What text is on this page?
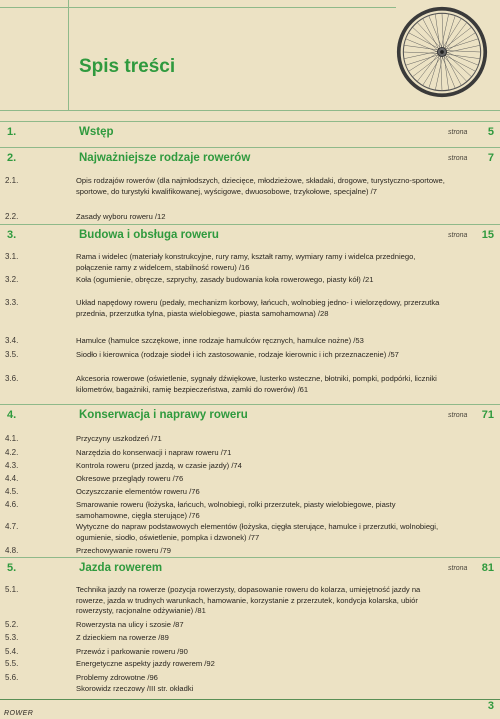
Spis treści
1.	Wstęp	strona 5
2.	Najważniejsze rodzaje rowerów	strona 7
2.1.	Opis rodzajów rowerów (dla najmłodszych, dziecięce, młodzieżowe, składaki, drogowe, turystyczno-sportowe, sportowe, do turystyki kwalifikowanej, wyścigowe, dwuosobowe, trzykołowe, specjalne) /7
2.2.	Zasady wyboru roweru /12
3.	Budowa i obsługa roweru	strona 15
3.1.	Rama i widelec (materiały konstrukcyjne, rury ramy, kształt ramy, wymiary ramy i widelca przedniego, połączenie ramy z widelcem, stabilność roweru) /16
3.2.	Koła (ogumienie, obręcze, szprychy, zasady budowania koła rowerowego, piasty kół) /21
3.3.	Układ napędowy roweru (pedały, mechanizm korbowy, łańcuch, wolnobieg jedno- i wielorzędowy, przerzutka przednia, przerzutka tylna, piasta wielobiegowe, piasta samohamowna) /28
3.4.	Hamulce (hamulce szczękowe, inne rodzaje hamulców ręcznych, hamulce nożne) /53
3.5.	Siodło i kierownica (rodzaje siodeł i ich zastosowanie, rodzaje kierownic i ich przeznaczenie) /57
3.6.	Akcesoria rowerowe (oświetlenie, sygnały dźwiękowe, lusterko wsteczne, błotniki, pompki, podpórki, liczniki kilometrów, bagażniki, ramię bezpieczeństwa, zamki do rowerów) /61
4.	Konserwacja i naprawy roweru	strona 71
4.1.	Przyczyny uszkodzeń /71
4.2.	Narzędzia do konserwacji i napraw roweru /71
4.3.	Kontrola roweru (przed jazdą, w czasie jazdy) /74
4.4.	Okresowe przeglądy roweru /76
4.5.	Oczyszczanie elementów roweru /76
4.6.	Smarowanie roweru (łożyska, łańcuch, wolnobiegi, rolki przerzutek, piasty wielobiegowe, piasty samohamowne, cięgła sterujące) /76
4.7.	Wytyczne do napraw podstawowych elementów (łożyska, cięgła sterujące, hamulce i przerzutki, wolnobiegi, ogumienie, siodło, oświetlenie, pompka i dzwonek) /77
4.8.	Przechowywanie roweru /79
5.	Jazda rowerem	strona 81
5.1.	Technika jazdy na rowerze (pozycja rowerzysty, dopasowanie roweru do kolarza, umiejętność jazdy na rowerze, jazda w trudnych warunkach, hamowanie, korzystanie z przerzutek, kondycja kolarska, ubiór rowerzysty, racjonalne odżywianie) /81
5.2.	Rowerzysta na ulicy i szosie /87
5.3.	Z dzieckiem na rowerze /89
5.4.	Przewóz i parkowanie roweru /90
5.5.	Energetyczne aspekty jazdy rowerem /92
5.6.	Problemy zdrowotne /96
Skorowidz rzeczowy /III str. okładki
ROWER
3
